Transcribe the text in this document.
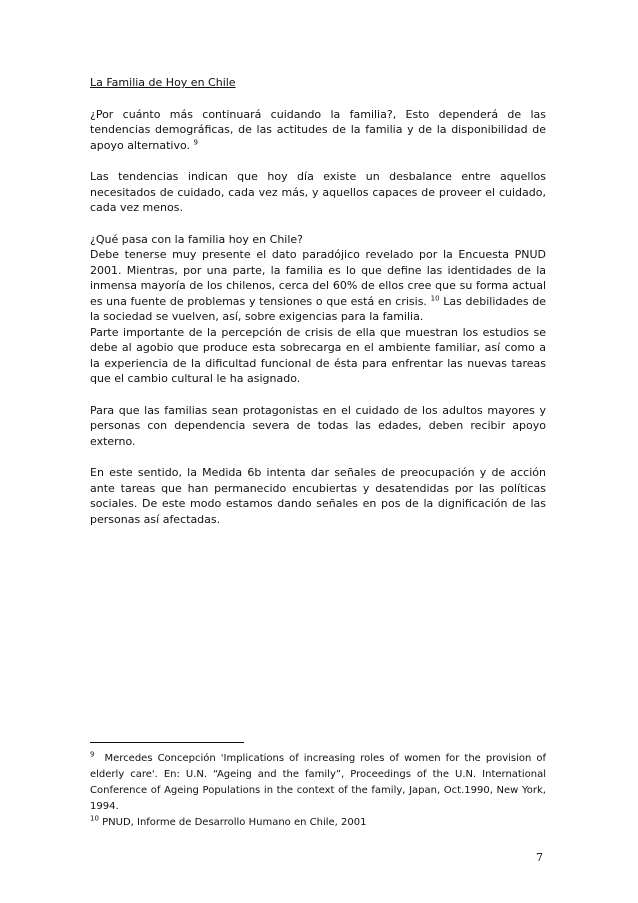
La Familia de Hoy en Chile

¿Por cuánto más continuará cuidando la familia?, Esto dependerá de las tendencias demográficas, de las actitudes de la familia y de la disponibilidad de apoyo alternativo. $^9$

Las tendencias indican que hoy día existe un desbalance entre aquellos necesitados de cuidado, cada vez más, y aquellos capaces de proveer el cuidado, cada vez menos.

¿Qué pasa con la familia hoy en Chile?
Debe tenerse muy presente el dato paradójico revelado por la Encuesta PNUD 2001. Mientras, por una parte, la familia es lo que define las identidades de la inmensa mayoría de los chilenos, cerca del 60% de ellos cree que su forma actual es una fuente de problemas y tensiones o que está en crisis. $^{10}$ Las debilidades de la sociedad se vuelven, así, sobre exigencias para la familia.
Parte importante de la percepción de crisis de ella que muestran los estudios se debe al agobio que produce esta sobrecarga en el ambiente familiar, así como a la experiencia de la dificultad funcional de ésta para enfrentar las nuevas tareas que el cambio cultural le ha asignado.

Para que las familias sean protagonistas en el cuidado de los adultos mayores y personas con dependencia severa de todas las edades, deben recibir apoyo externo.

En este sentido, la Medida 6b intenta dar señales de preocupación y de acción ante tareas que han permanecido encubiertas y desatendidas por las políticas sociales. De este modo estamos dando señales en pos de la dignificación de las personas así afectadas.

$^9$ Mercedes Concepción 'Implications of increasing roles of women for the provision of elderly care'. En: U.N. “Ageing and the family”, Proceedings of the U.N. International Conference of Ageing Populations in the context of the family, Japan, Oct.1990, New York, 1994.

$^{10}$ PNUD, Informe de Desarrollo Humano en Chile, 2001

7
